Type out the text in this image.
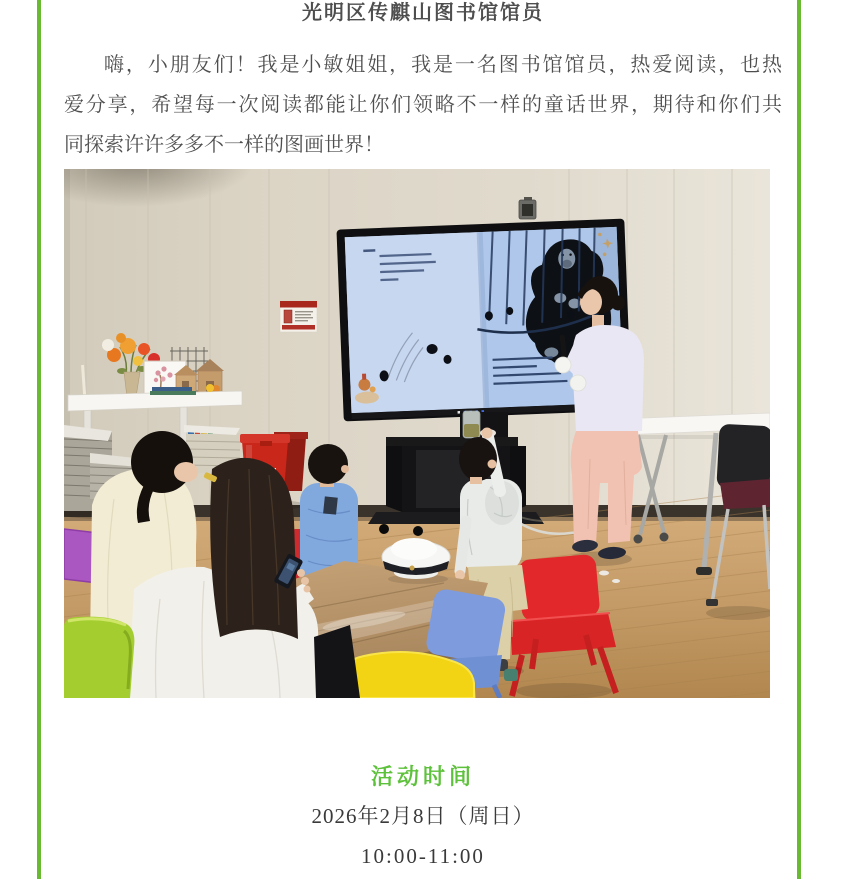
光明区传麒山图书馆馆员
嗨，小朋友们！我是小敏姐姐，我是一名图书馆馆员，热爱阅读，也热
爱分享，希望每一次阅读都能让你们领略不一样的童话世界，期待和你们共
同探索许许多多不一样的图画世界！
活动时间
2026年2月8日（周日）
10:00-11:00
